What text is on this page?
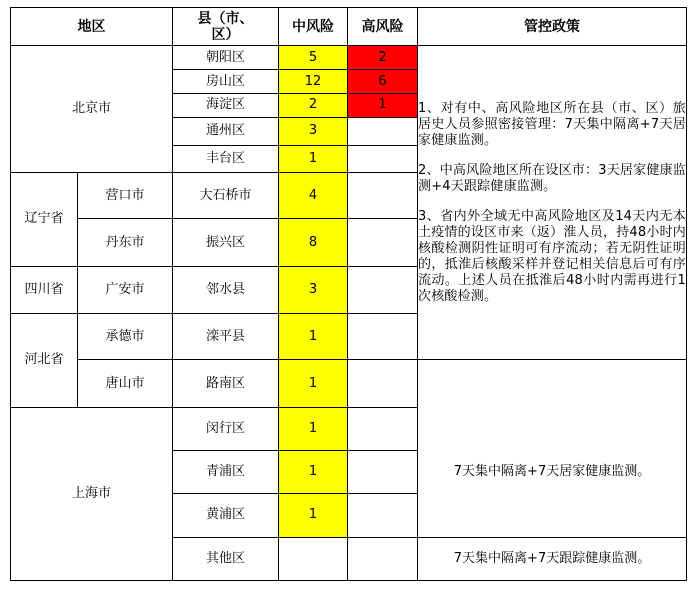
地区		县（市、区）	中风险	高风险	管控政策
北京市		朝阳区	5	2	1、对有中、高风险地区所在县（市、区）旅居史人员参照密接管理：7天集中隔离+7天居家健康监测。

2、中高风险地区所在设区市：3天居家健康监测+4天跟踪健康监测。

3、省内外全域无中高风险地区及14天内无本土疫情的设区市来（返）淮人员，持48小时内核酸检测阴性证明可有序流动；若无阴性证明的，抵淮后核酸采样并登记相关信息后可有序流动。上述人员在抵淮后48小时内需再进行1次核酸检测。

		房山区	12	6	
		海淀区	2	1	
		通州区	3		
		丰台区	1		
辽宁省	营口市	大石桥市	4		
	丹东市	振兴区	8		
四川省	广安市	邻水县	3		
河北省	承德市	滦平县	1		
	唐山市	路南区	1		
上海市		闵行区	1		7天集中隔离+7天居家健康监测。
		青浦区	1		
		黄浦区	1		
		其他区			7天集中隔离+7天跟踪健康监测。
